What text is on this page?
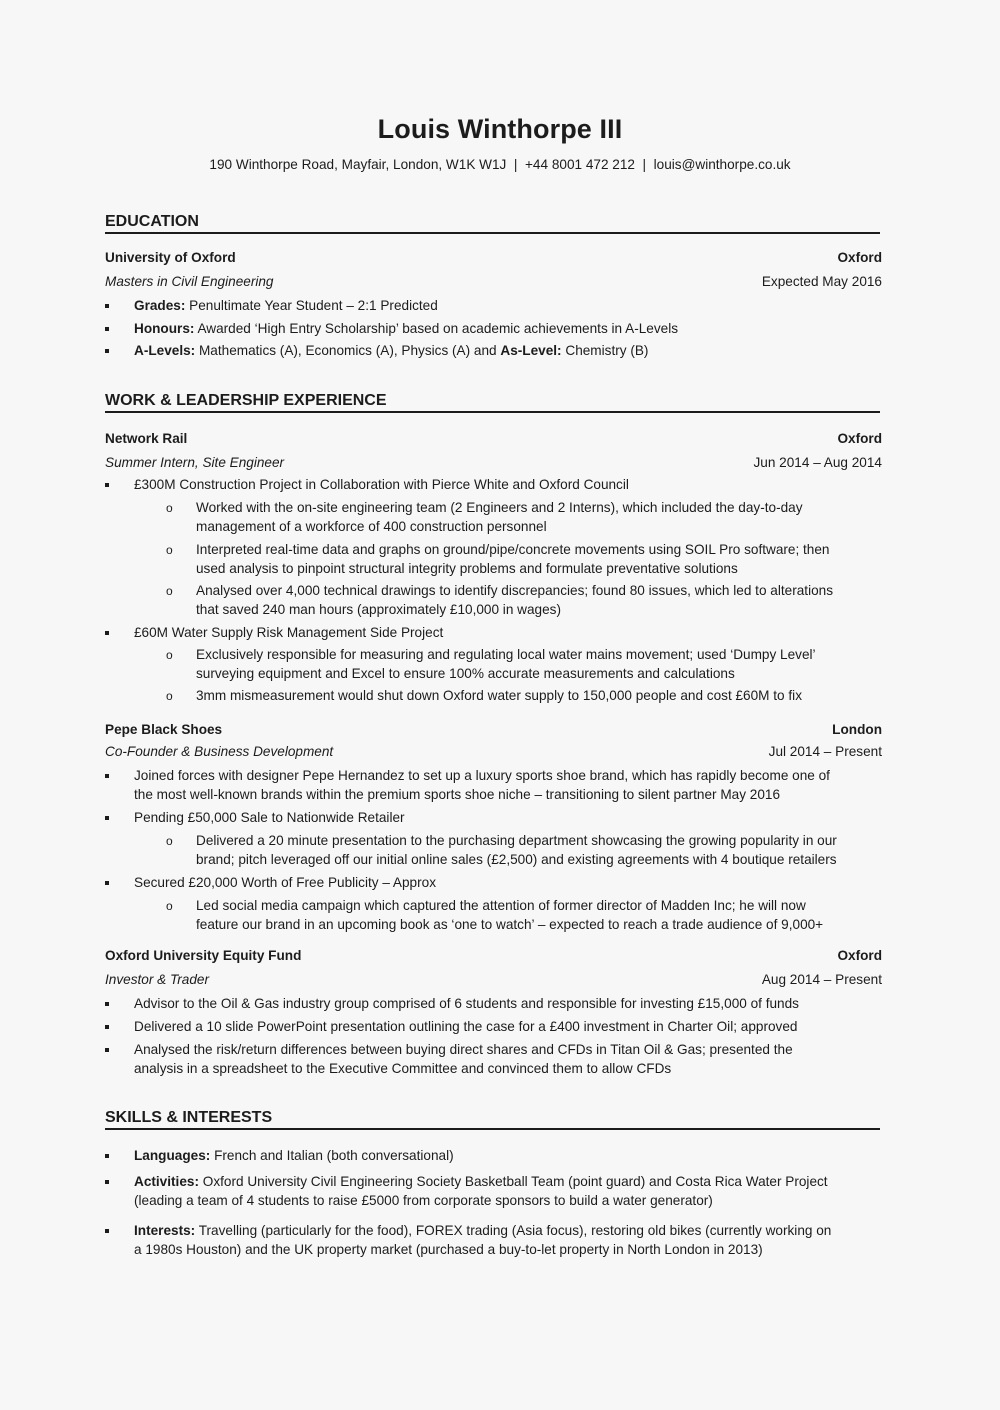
Louis Winthorpe III
190 Winthorpe Road, Mayfair, London, W1K W1J  |  +44 8001 472 212  |  louis@winthorpe.co.uk
EDUCATION
University of Oxford	Oxford
Masters in Civil Engineering	Expected May 2016
Grades: Penultimate Year Student – 2:1 Predicted
Honours: Awarded ‘High Entry Scholarship’ based on academic achievements in A-Levels
A-Levels: Mathematics (A), Economics (A), Physics (A) and As-Level: Chemistry (B)
WORK & LEADERSHIP EXPERIENCE
Network Rail	Oxford
Summer Intern, Site Engineer	Jun 2014 – Aug 2014
£300M Construction Project in Collaboration with Pierce White and Oxford Council
o Worked with the on-site engineering team (2 Engineers and 2 Interns), which included the day-to-day
management of a workforce of 400 construction personnel
o Interpreted real-time data and graphs on ground/pipe/concrete movements using SOIL Pro software; then
used analysis to pinpoint structural integrity problems and formulate preventative solutions
o Analysed over 4,000 technical drawings to identify discrepancies; found 80 issues, which led to alterations
that saved 240 man hours (approximately £10,000 in wages)
£60M Water Supply Risk Management Side Project
o Exclusively responsible for measuring and regulating local water mains movement; used ‘Dumpy Level’
surveying equipment and Excel to ensure 100% accurate measurements and calculations
o 3mm mismeasurement would shut down Oxford water supply to 150,000 people and cost £60M to fix
Pepe Black Shoes	London
Co-Founder & Business Development	Jul 2014 – Present
Joined forces with designer Pepe Hernandez to set up a luxury sports shoe brand, which has rapidly become one of
the most well-known brands within the premium sports shoe niche – transitioning to silent partner May 2016
Pending £50,000 Sale to Nationwide Retailer
o Delivered a 20 minute presentation to the purchasing department showcasing the growing popularity in our
brand; pitch leveraged off our initial online sales (£2,500) and existing agreements with 4 boutique retailers
Secured £20,000 Worth of Free Publicity – Approx
o Led social media campaign which captured the attention of former director of Madden Inc; he will now
feature our brand in an upcoming book as ‘one to watch’ – expected to reach a trade audience of 9,000+
Oxford University Equity Fund	Oxford
Investor & Trader	Aug 2014 – Present
Advisor to the Oil & Gas industry group comprised of 6 students and responsible for investing £15,000 of funds
Delivered a 10 slide PowerPoint presentation outlining the case for a £400 investment in Charter Oil; approved
Analysed the risk/return differences between buying direct shares and CFDs in Titan Oil & Gas; presented the
analysis in a spreadsheet to the Executive Committee and convinced them to allow CFDs
SKILLS & INTERESTS
Languages: French and Italian (both conversational)
Activities: Oxford University Civil Engineering Society Basketball Team (point guard) and Costa Rica Water Project
(leading a team of 4 students to raise £5000 from corporate sponsors to build a water generator)
Interests: Travelling (particularly for the food), FOREX trading (Asia focus), restoring old bikes (currently working on
a 1980s Houston) and the UK property market (purchased a buy-to-let property in North London in 2013)
